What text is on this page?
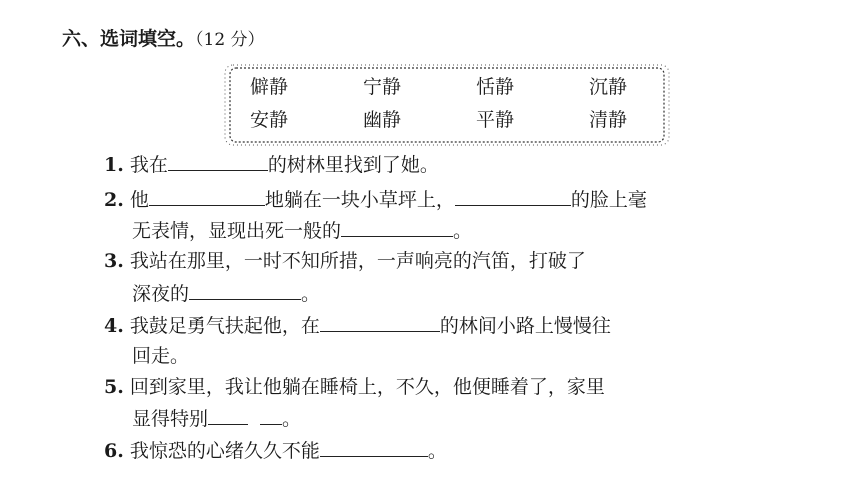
六、选词填空。（12 分）
僻静	宁静	恬静	沉静
安静	幽静	平静	清静
1. 我在	的树林里找到了她。
2. 他	地躺在一块小草坪上，	的脸上毫
无表情，显现出死一般的	。
3. 我站在那里，一时不知所措，一声响亮的汽笛，打破了
深夜的	。
4. 我鼓足勇气扶起他，在	的林间小路上慢慢往
回走。
5. 回到家里，我让他躺在睡椅上，不久，他便睡着了，家里
显得特别	。
6. 我惊恐的心绪久久不能	。
